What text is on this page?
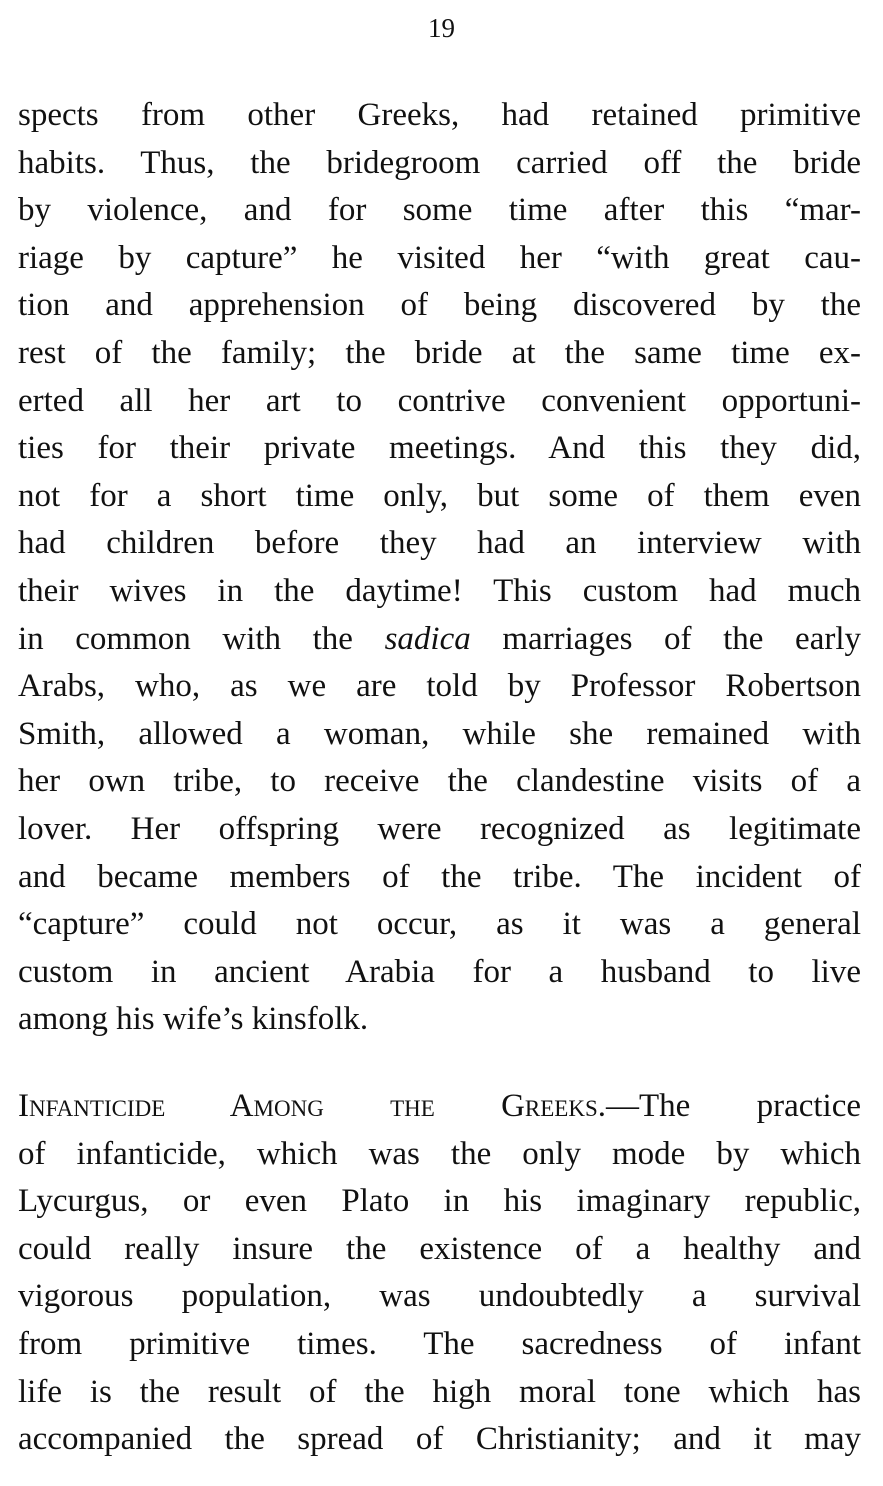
19
spects from other Greeks, had retained primitive
habits. Thus, the bridegroom carried off the bride
by violence, and for some time after this “mar-
riage by capture” he visited her “with great cau-
tion and apprehension of being discovered by the
rest of the family; the bride at the same time ex-
erted all her art to contrive convenient opportuni-
ties for their private meetings. And this they did,
not for a short time only, but some of them even
had children before they had an interview with
their wives in the daytime! This custom had much
in common with the sadica marriages of the early
Arabs, who, as we are told by Professor Robertson
Smith, allowed a woman, while she remained with
her own tribe, to receive the clandestine visits of a
lover. Her offspring were recognized as legitimate
and became members of the tribe. The incident of
“capture” could not occur, as it was a general
custom in ancient Arabia for a husband to live
among his wife’s kinsfolk.
Infanticide Among the Greeks.—The practice
of infanticide, which was the only mode by which
Lycurgus, or even Plato in his imaginary republic,
could really insure the existence of a healthy and
vigorous population, was undoubtedly a survival
from primitive times. The sacredness of infant
life is the result of the high moral tone which has
accompanied the spread of Christianity; and it may
